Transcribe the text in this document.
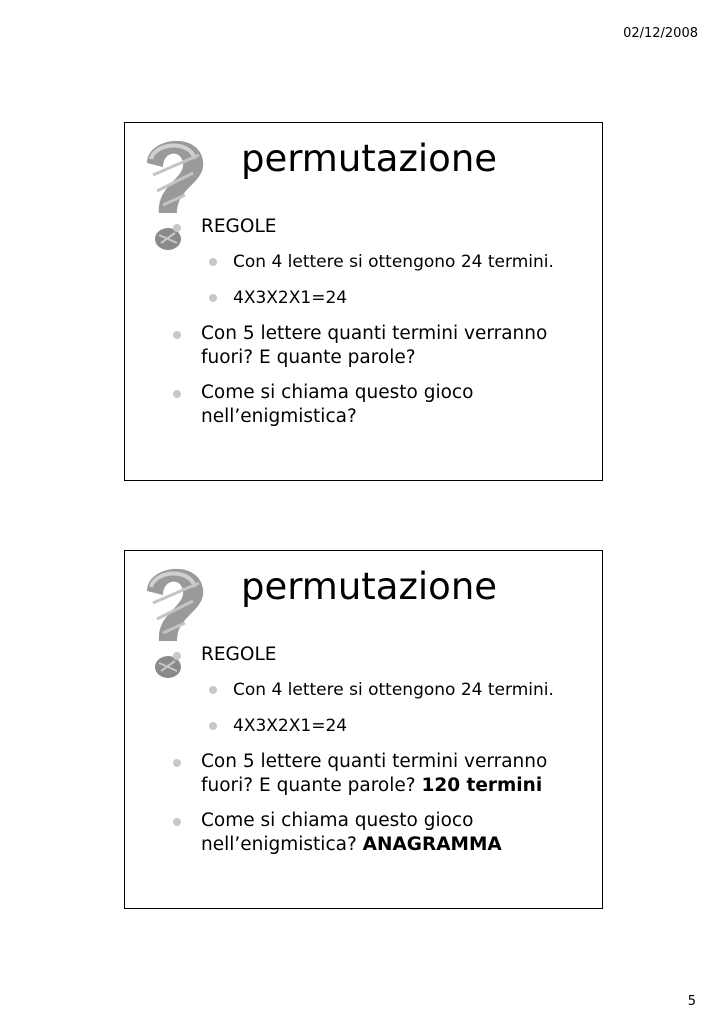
02/12/2008
permutazione
REGOLE
Con 4 lettere si ottengono 24 termini.
4X3X2X1=24
Con 5 lettere quanti termini verranno
fuori? E quante parole?
Come si chiama questo gioco
nell’enigmistica?
permutazione
REGOLE
Con 4 lettere si ottengono 24 termini.
4X3X2X1=24
Con 5 lettere quanti termini verranno
fuori? E quante parole? 120 termini
Come si chiama questo gioco
nell’enigmistica? ANAGRAMMA
5
